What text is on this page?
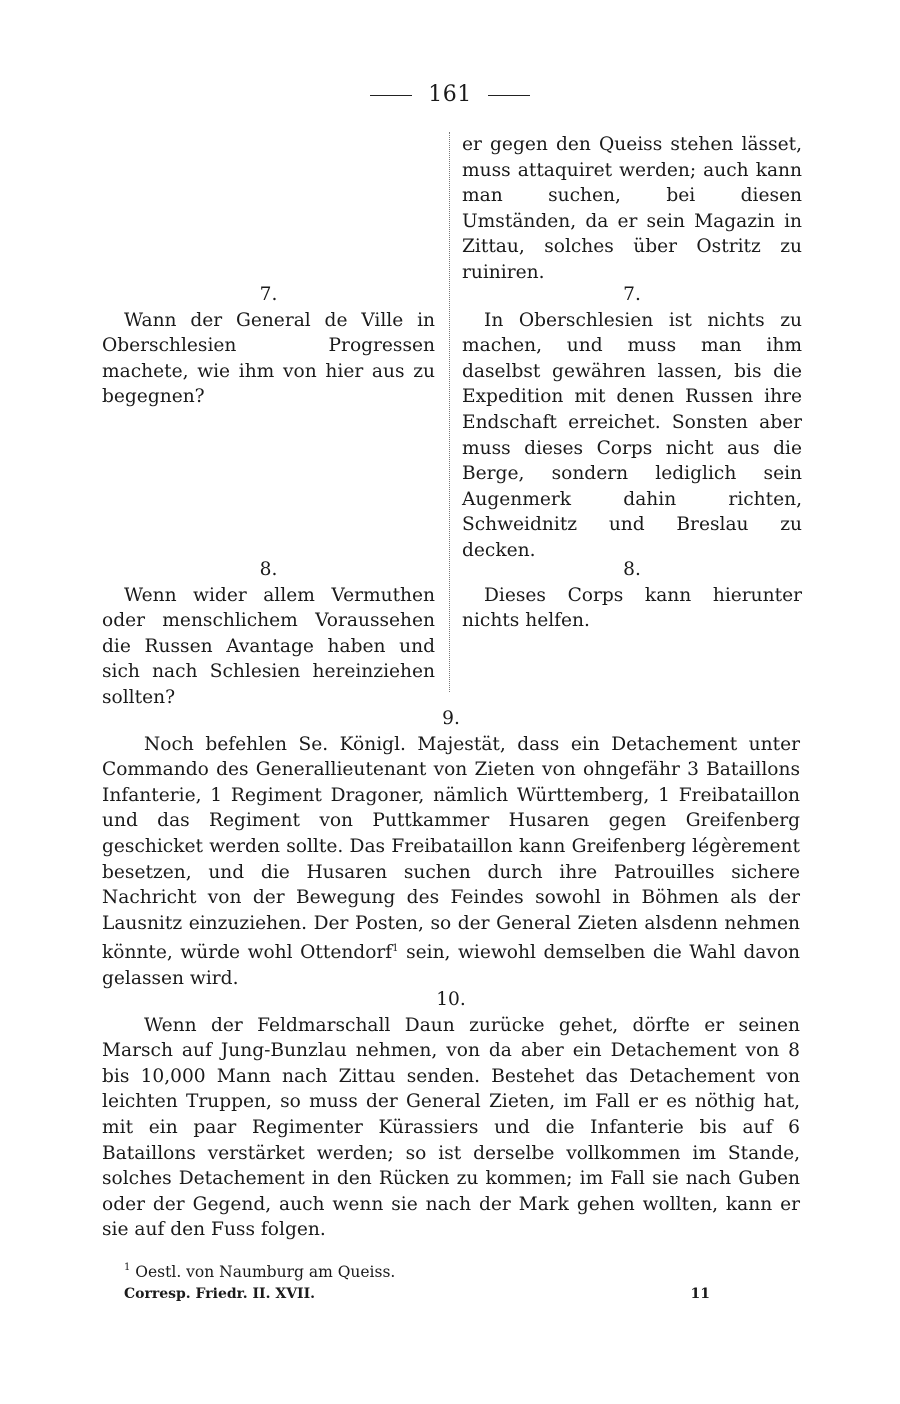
161
7.

Wann der General de Ville in Oberschlesien Progressen machete, wie ihm von hier aus zu begegnen?

8.

Wenn wider allem Vermuthen oder menschlichem Voraussehen die Russen Avantage haben und sich nach Schlesien hereinziehen sollten?

er gegen den Queiss stehen lässet, muss attaquiret werden; auch kann man suchen, bei diesen Umständen, da er sein Magazin in Zittau, solches über Ostritz zu ruiniren.

7.

In Oberschlesien ist nichts zu machen, und muss man ihm daselbst gewähren lassen, bis die Expedition mit denen Russen ihre Endschaft erreichet. Sonsten aber muss dieses Corps nicht aus die Berge, sondern lediglich sein Augenmerk dahin richten, Schweidnitz und Breslau zu decken.

8.

Dieses Corps kann hierunter nichts helfen.

9.

Noch befehlen Se. Königl. Majestät, dass ein Detachement unter Commando des Generallieutenant von Zieten von ohngefähr 3 Bataillons Infanterie, 1 Regiment Dragoner, nämlich Württemberg, 1 Freibataillon und das Regiment von Puttkammer Husaren gegen Greifenberg geschicket werden sollte. Das Freibataillon kann Greifenberg légèrement besetzen, und die Husaren suchen durch ihre Patrouilles sichere Nachricht von der Bewegung des Feindes sowohl in Böhmen als der Lausnitz einzuziehen. Der Posten, so der General Zieten alsdenn nehmen könnte, würde wohl Ottendorf$^1$ sein, wiewohl demselben die Wahl davon gelassen wird.

10.

Wenn der Feldmarschall Daun zurücke gehet, dörfte er seinen Marsch auf Jung-Bunzlau nehmen, von da aber ein Detachement von 8 bis 10,000 Mann nach Zittau senden. Bestehet das Detachement von leichten Truppen, so muss der General Zieten, im Fall er es nöthig hat, mit ein paar Regimenter Kürassiers und die Infanterie bis auf 6 Bataillons verstärket werden; so ist derselbe vollkommen im Stande, solches Detachement in den Rücken zu kommen; im Fall sie nach Guben oder der Gegend, auch wenn sie nach der Mark gehen wollten, kann er sie auf den Fuss folgen.

$^1$ Oestl. von Naumburg am Queiss.
Corresp. Friedr. II. XVII.	11
